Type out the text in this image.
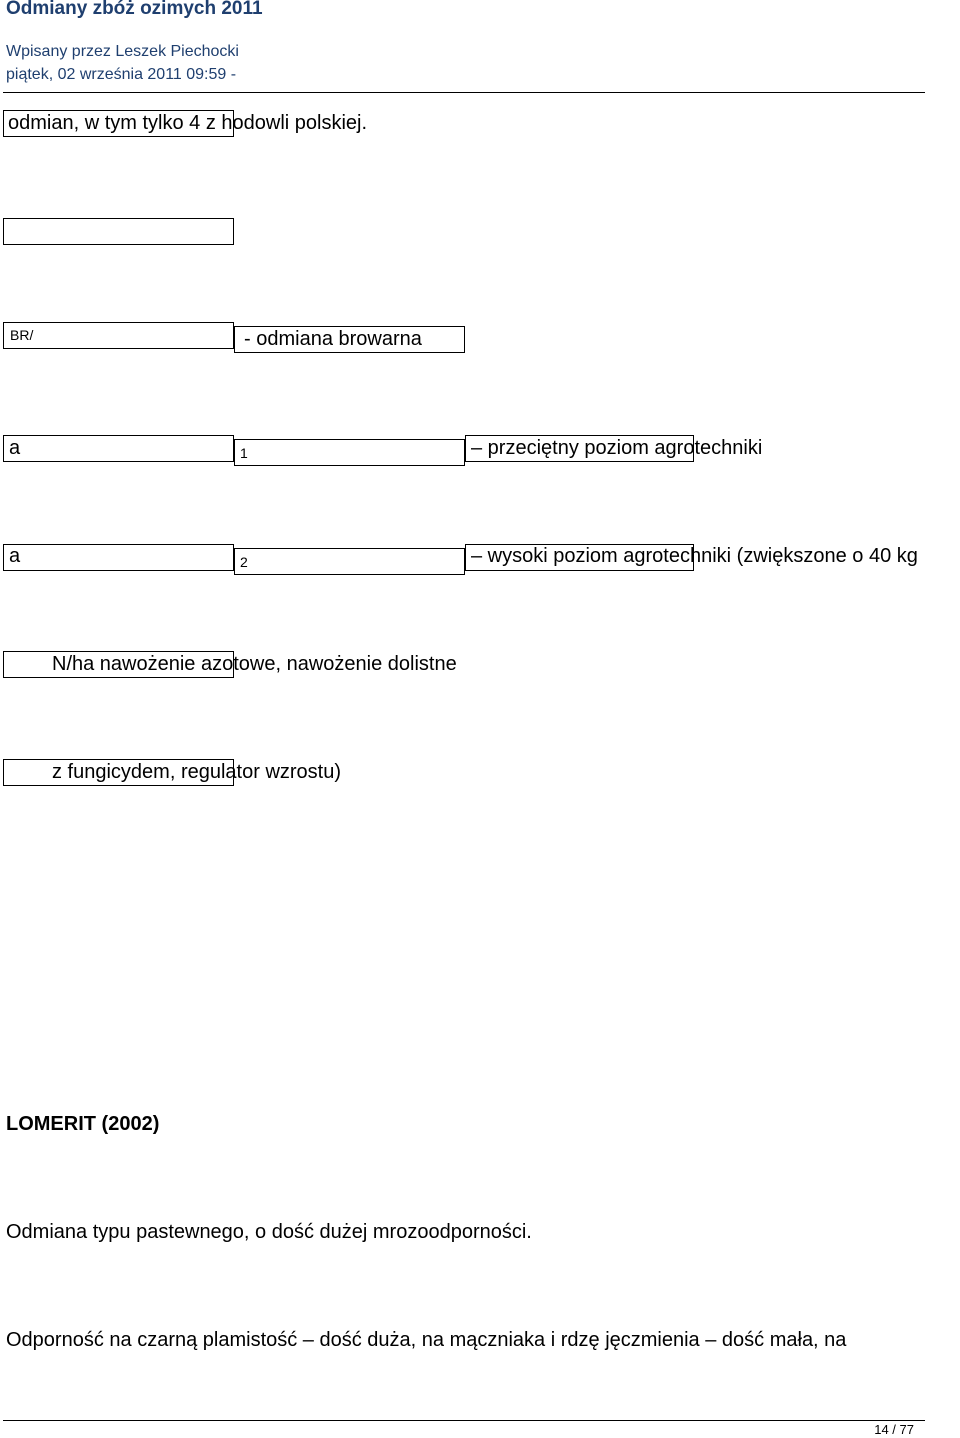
Odmiany zbóż ozimych 2011
Wpisany przez Leszek Piechocki
piątek, 02 września 2011 09:59 -
odmian, w tym tylko 4 z hodowli polskiej.
BR/	- odmiana browarna
a	1	– przeciętny poziom agrotechniki
a	2	– wysoki poziom agrotechniki (zwiększone o 40 kg
N/ha nawożenie azotowe, nawożenie dolistne
z fungicydem, regulator wzrostu)
LOMERIT (2002)
Odmiana typu pastewnego, o dość dużej mrozoodporności.
Odporność na czarną plamistość – dość duża, na mączniaka i rdzę jęczmienia – dość mała, na
14 / 77
